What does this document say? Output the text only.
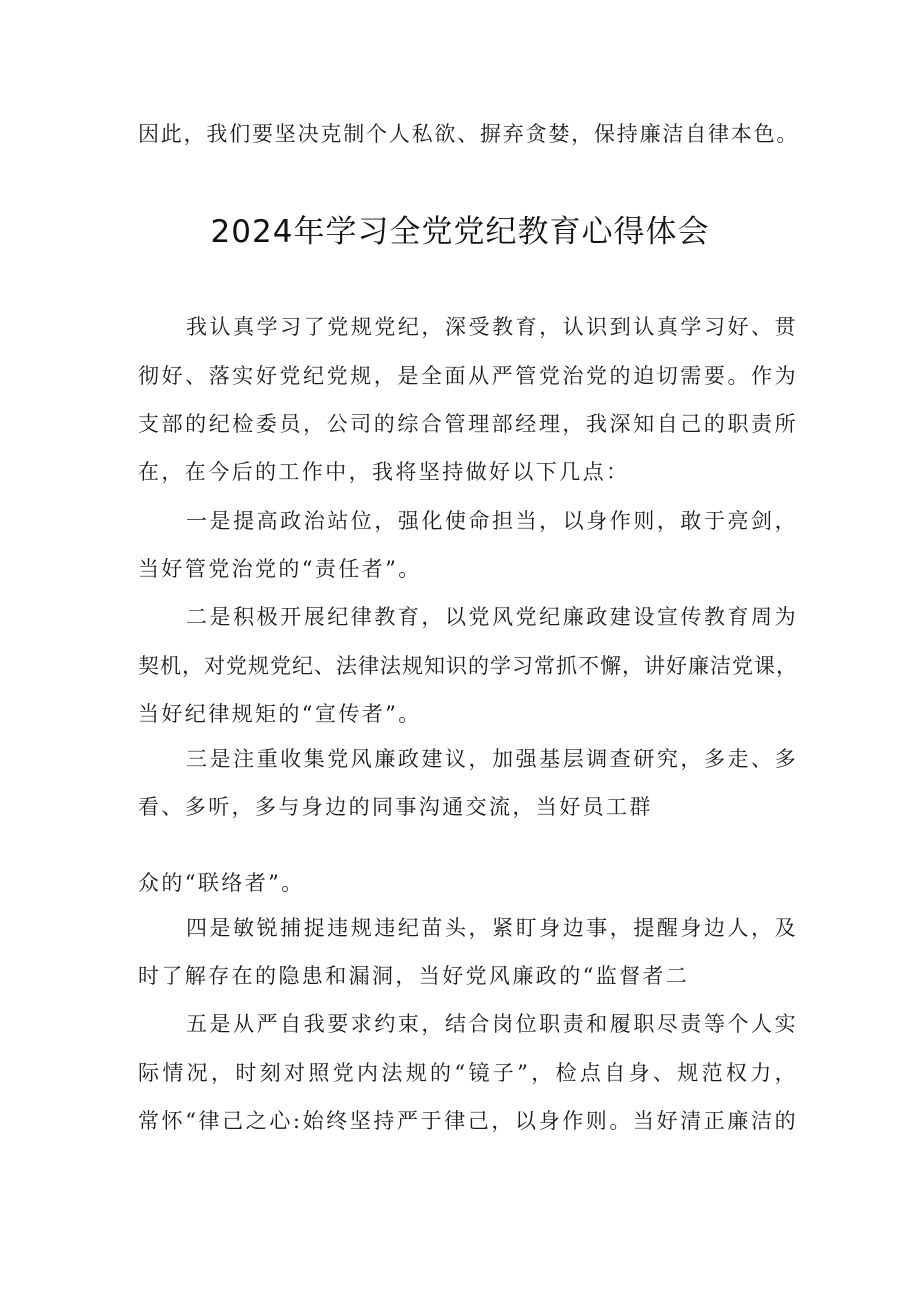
因此，我们要坚决克制个人私欲、摒弃贪婪，保持廉洁自律本色。
2024年学习全党党纪教育心得体会
我认真学习了党规党纪，深受教育，认识到认真学习好、贯
彻好、落实好党纪党规，是全面从严管党治党的迫切需要。作为
支部的纪检委员，公司的综合管理部经理，我深知自己的职责所
在，在今后的工作中，我将坚持做好以下几点：
一是提高政治站位，强化使命担当，以身作则，敢于亮剑，
当好管党治党的“责任者”。
二是积极开展纪律教育，以党风党纪廉政建设宣传教育周为
契机，对党规党纪、法律法规知识的学习常抓不懈，讲好廉洁党课，
当好纪律规矩的“宣传者”。
三是注重收集党风廉政建议，加强基层调查研究，多走、多
看、多听，多与身边的同事沟通交流，当好员工群
众的“联络者”。
四是敏锐捕捉违规违纪苗头，紧盯身边事，提醒身边人，及
时了解存在的隐患和漏洞，当好党风廉政的“监督者二
五是从严自我要求约束，结合岗位职责和履职尽责等个人实
际情况，时刻对照党内法规的“镜子”，检点自身、规范权力，
常怀“律己之心:始终坚持严于律己，以身作则。当好清正廉洁的
